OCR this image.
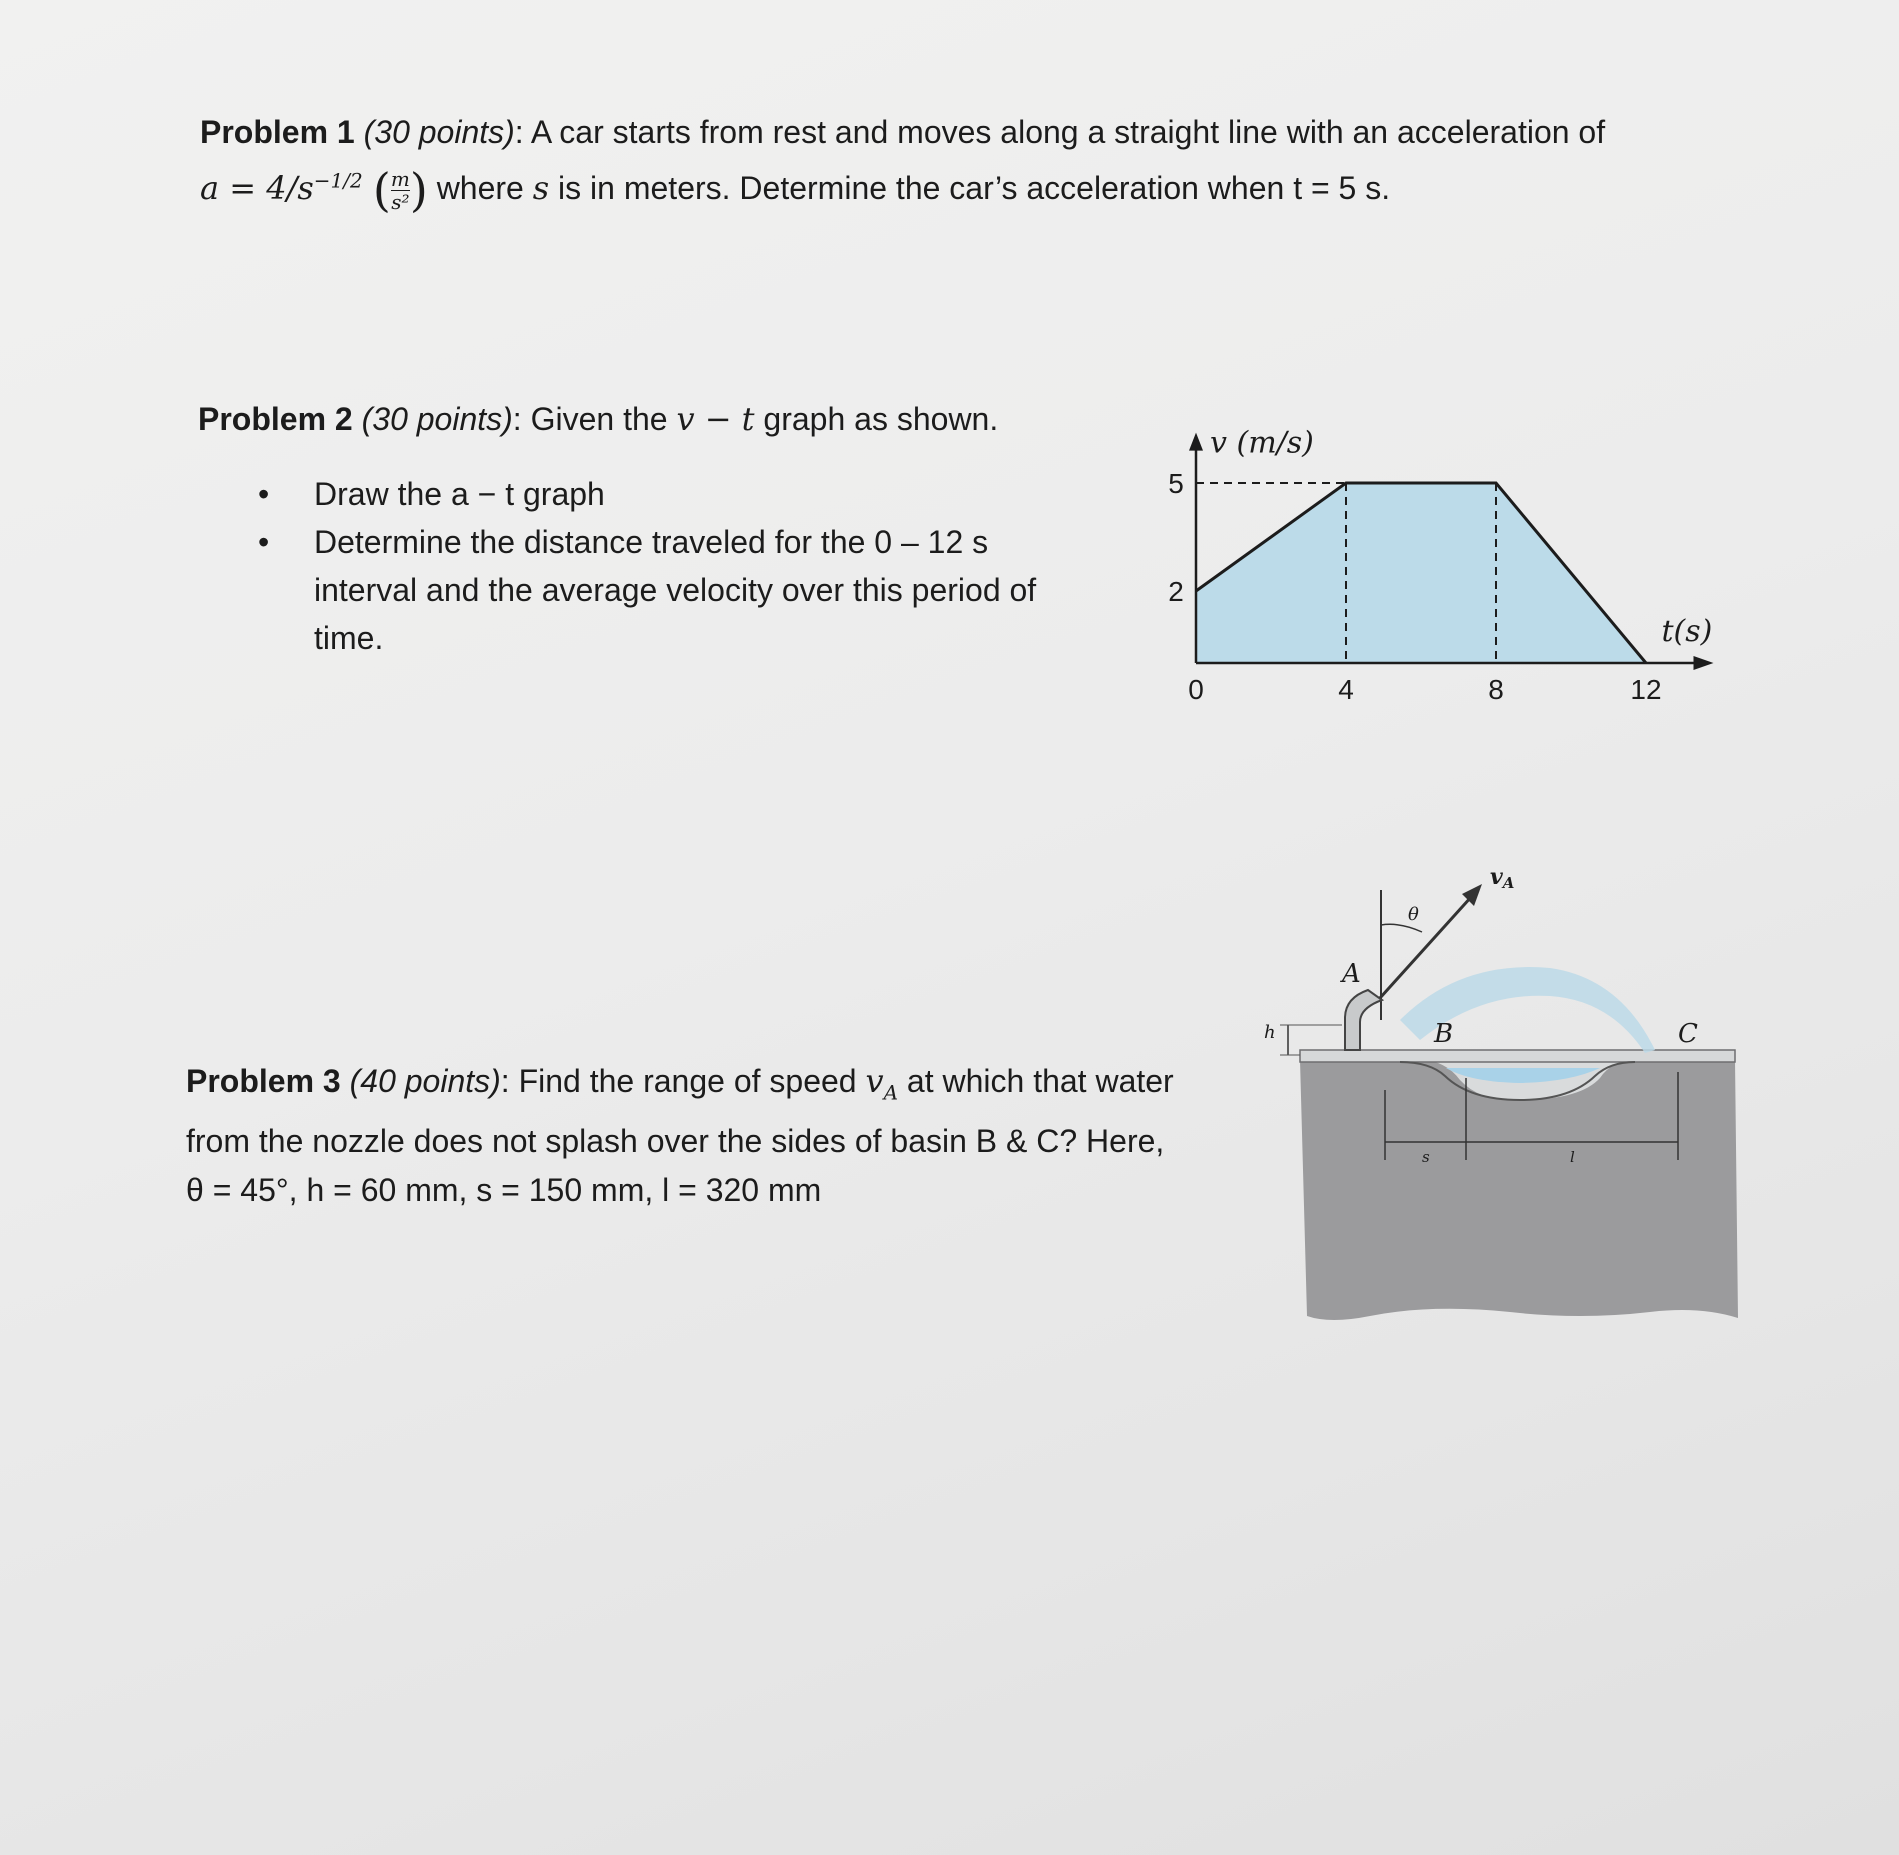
Problem 1 (30 points): A car starts from rest and moves along a straight line with an acceleration of
$a = 4/s^{-1/2}$ ( $\frac{m}{\text{s²}}$ ) where s is in meters. Determine the car’s acceleration when t = 5 s.
Problem 2 (30 points): Given the v − t graph as shown.
• Draw the a − t graph
• Determine the distance traveled for the 0 – 12 s interval and the average velocity over this period of time.
v (m/s)
t(s)
0	4	8	12
2
5
Problem 3 (40 points): Find the range of speed $v_A$ at which that water from the nozzle does not splash over the sides of basin B & C? Here, θ = 45°, h = 60 mm, s = 150 mm, l = 320 mm
vA
θ
A
B	C
h
s	l
